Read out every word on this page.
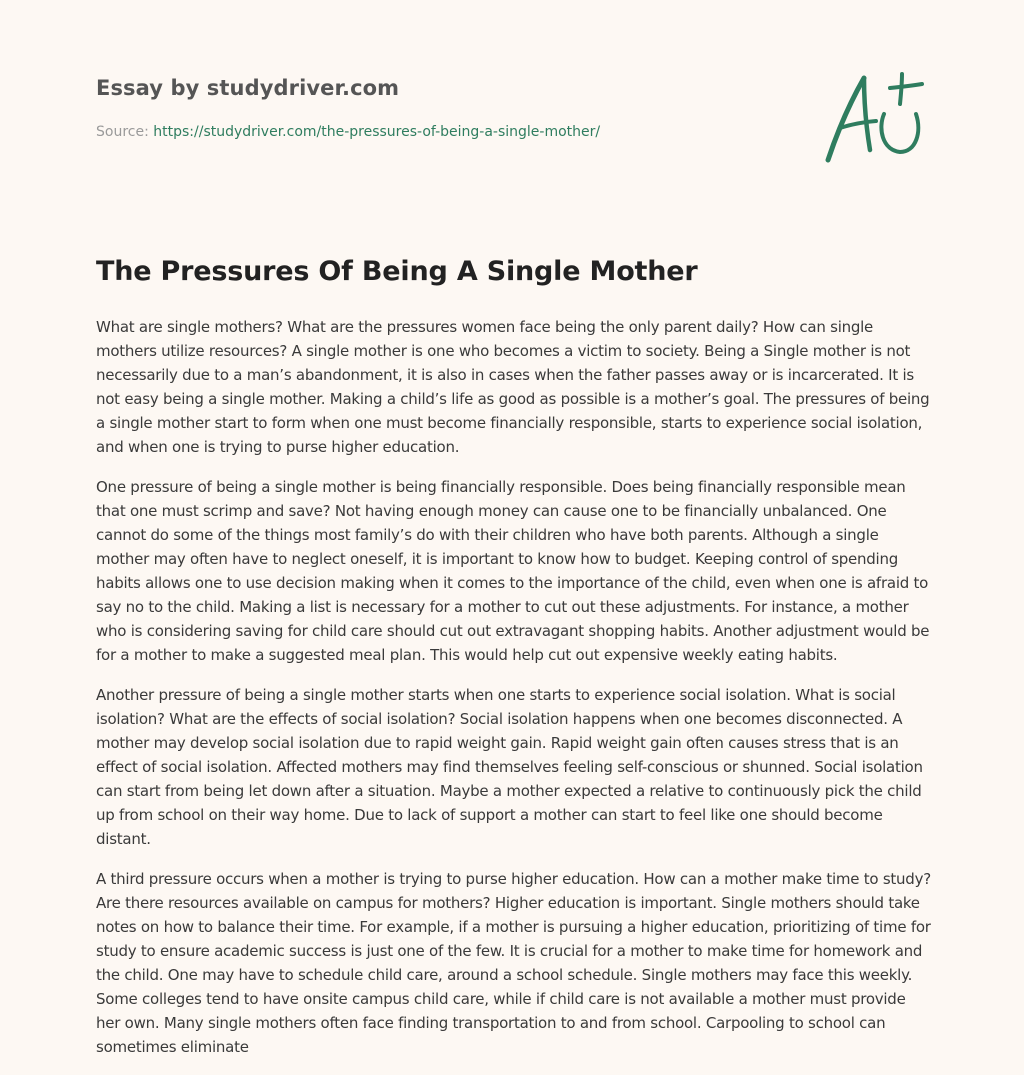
Essay by studydriver.com
Source: https://studydriver.com/the-pressures-of-being-a-single-mother/
The Pressures Of Being A Single Mother

What are single mothers? What are the pressures women face being the only parent daily? How can single mothers utilize resources? A single mother is one who becomes a victim to society. Being a Single mother is not necessarily due to a man’s abandonment, it is also in cases when the father passes away or is incarcerated. It is not easy being a single mother. Making a child’s life as good as possible is a mother’s goal. The pressures of being a single mother start to form when one must become financially responsible, starts to experience social isolation, and when one is trying to purse higher education.

One pressure of being a single mother is being financially responsible. Does being financially responsible mean that one must scrimp and save? Not having enough money can cause one to be financially unbalanced. One cannot do some of the things most family’s do with their children who have both parents. Although a single mother may often have to neglect oneself, it is important to know how to budget. Keeping control of spending habits allows one to use decision making when it comes to the importance of the child, even when one is afraid to say no to the child. Making a list is necessary for a mother to cut out these adjustments. For instance, a mother who is considering saving for child care should cut out extravagant shopping habits. Another adjustment would be for a mother to make a suggested meal plan. This would help cut out expensive weekly eating habits.

Another pressure of being a single mother starts when one starts to experience social isolation. What is social isolation? What are the effects of social isolation? Social isolation happens when one becomes disconnected. A mother may develop social isolation due to rapid weight gain. Rapid weight gain often causes stress that is an effect of social isolation. Affected mothers may find themselves feeling self-conscious or shunned. Social isolation can start from being let down after a situation. Maybe a mother expected a relative to continuously pick the child up from school on their way home. Due to lack of support a mother can start to feel like one should become distant.

A third pressure occurs when a mother is trying to purse higher education. How can a mother make time to study? Are there resources available on campus for mothers? Higher education is important. Single mothers should take notes on how to balance their time. For example, if a mother is pursuing a higher education, prioritizing of time for study to ensure academic success is just one of the few. It is crucial for a mother to make time for homework and the child. One may have to schedule child care, around a school schedule. Single mothers may face this weekly. Some colleges tend to have onsite campus child care, while if child care is not available a mother must provide her own. Many single mothers often face finding transportation to and from school. Carpooling to school can sometimes eliminate
